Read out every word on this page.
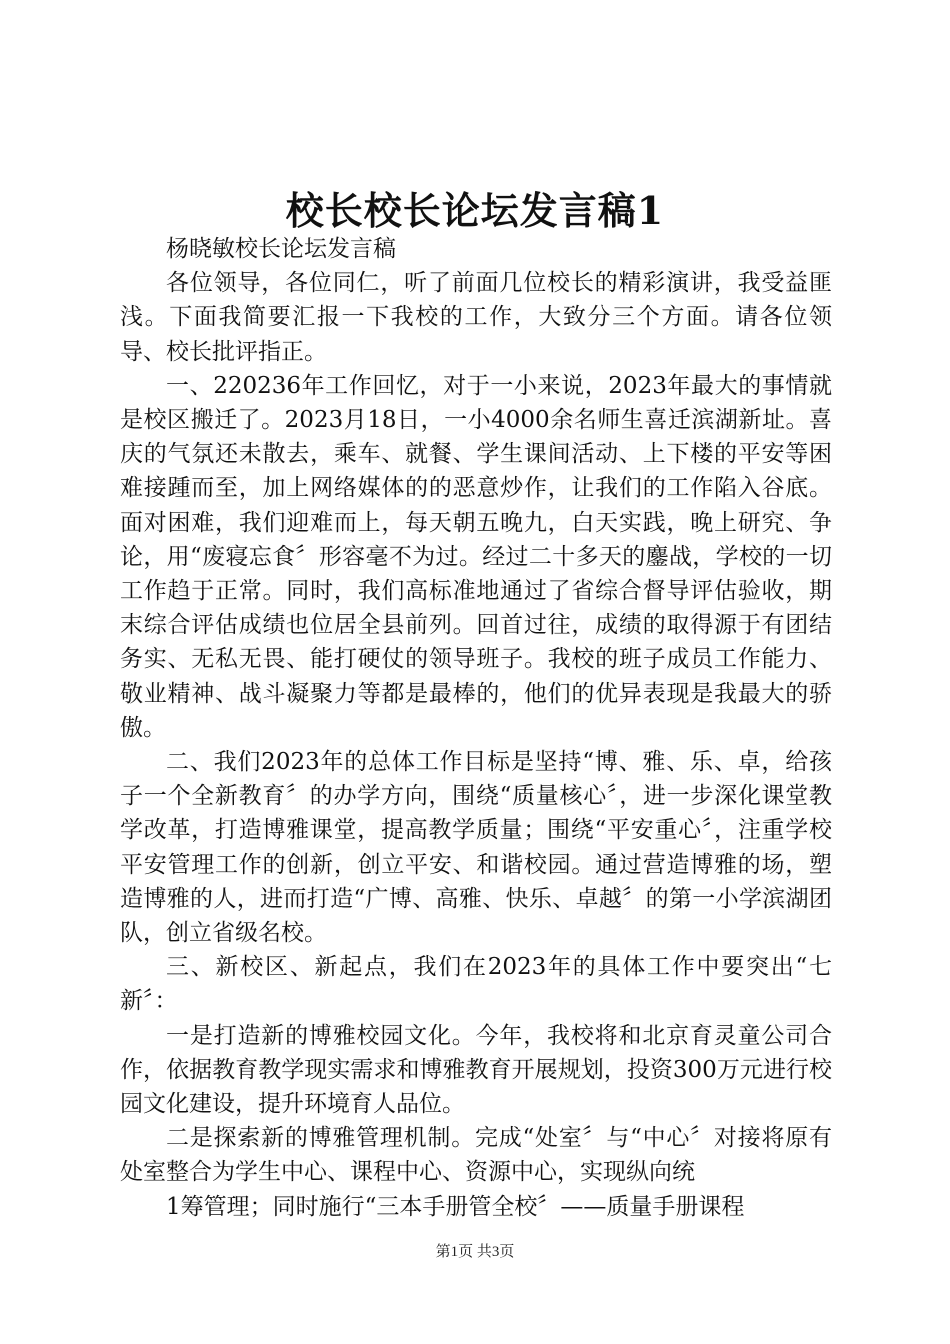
校长校长论坛发言稿1

杨晓敏校长论坛发言稿

各位领导，各位同仁，听了前面几位校长的精彩演讲，我受益匪浅。下面我简要汇报一下我校的工作，大致分三个方面。请各位领导、校长批评指正。

一、220236年工作回忆，对于一小来说，2023年最大的事情就是校区搬迁了。2023月18日，一小4000余名师生喜迁滨湖新址。喜庆的气氛还未散去，乘车、就餐、学生课间活动、上下楼的平安等困难接踵而至，加上网络媒体的的恶意炒作，让我们的工作陷入谷底。面对困难，我们迎难而上，每天朝五晚九，白天实践，晚上研究、争论，用“废寝忘食〞形容毫不为过。经过二十多天的鏖战，学校的一切工作趋于正常。同时，我们高标准地通过了省综合督导评估验收，期末综合评估成绩也位居全县前列。回首过往，成绩的取得源于有团结务实、无私无畏、能打硬仗的领导班子。我校的班子成员工作能力、敬业精神、战斗凝聚力等都是最棒的，他们的优异表现是我最大的骄傲。

二、我们2023年的总体工作目标是坚持“博、雅、乐、卓，给孩子一个全新教育〞的办学方向，围绕“质量核心〞，进一步深化课堂教学改革，打造博雅课堂，提高教学质量；围绕“平安重心〞，注重学校平安管理工作的创新，创立平安、和谐校园。通过营造博雅的场，塑造博雅的人，进而打造“广博、高雅、快乐、卓越〞的第一小学滨湖团队，创立省级名校。

三、新校区、新起点，我们在2023年的具体工作中要突出“七新〞：

一是打造新的博雅校园文化。今年，我校将和北京育灵童公司合作，依据教育教学现实需求和博雅教育开展规划，投资300万元进行校园文化建设，提升环境育人品位。

二是探索新的博雅管理机制。完成“处室〞与“中心〞对接将原有处室整合为学生中心、课程中心、资源中心，实现纵向统

1筹管理；同时施行“三本手册管全校〞——质量手册课程

第1页 共3页
